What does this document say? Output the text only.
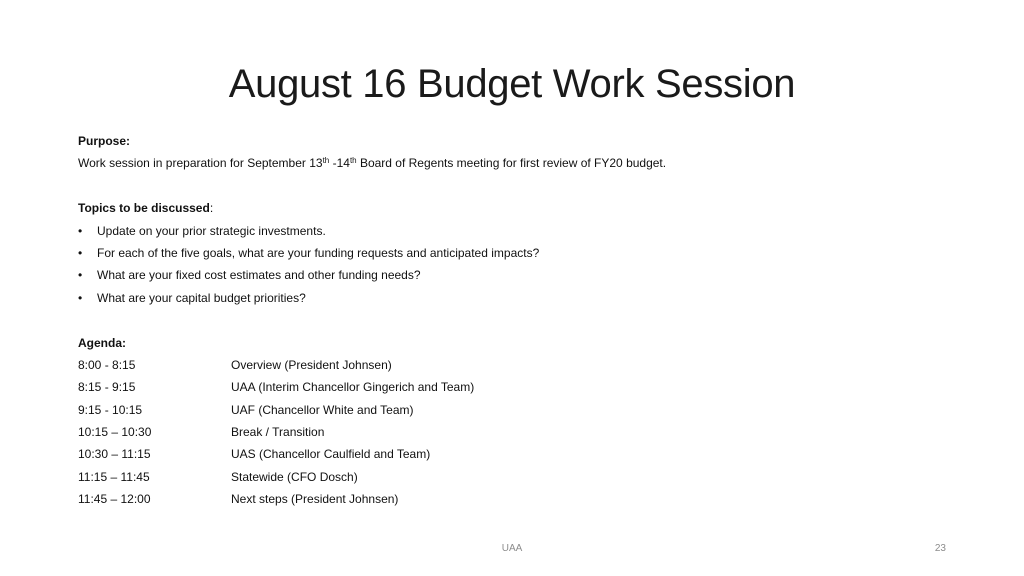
August 16 Budget Work Session
Purpose:
Work session in preparation for September 13th -14th Board of Regents meeting for first review of FY20 budget.
Topics to be discussed:
• Update on your prior strategic investments.
• For each of the five goals, what are your funding requests and anticipated impacts?
• What are your fixed cost estimates and other funding needs?
• What are your capital budget priorities?
Agenda:
8:00 - 8:15	Overview (President Johnsen)
8:15 - 9:15	UAA (Interim Chancellor Gingerich and Team)
9:15 - 10:15	UAF (Chancellor White and Team)
10:15 – 10:30	Break / Transition
10:30 – 11:15	UAS (Chancellor Caulfield and Team)
11:15 – 11:45	Statewide (CFO Dosch)
11:45 – 12:00	Next steps (President Johnsen)
UAA	23
